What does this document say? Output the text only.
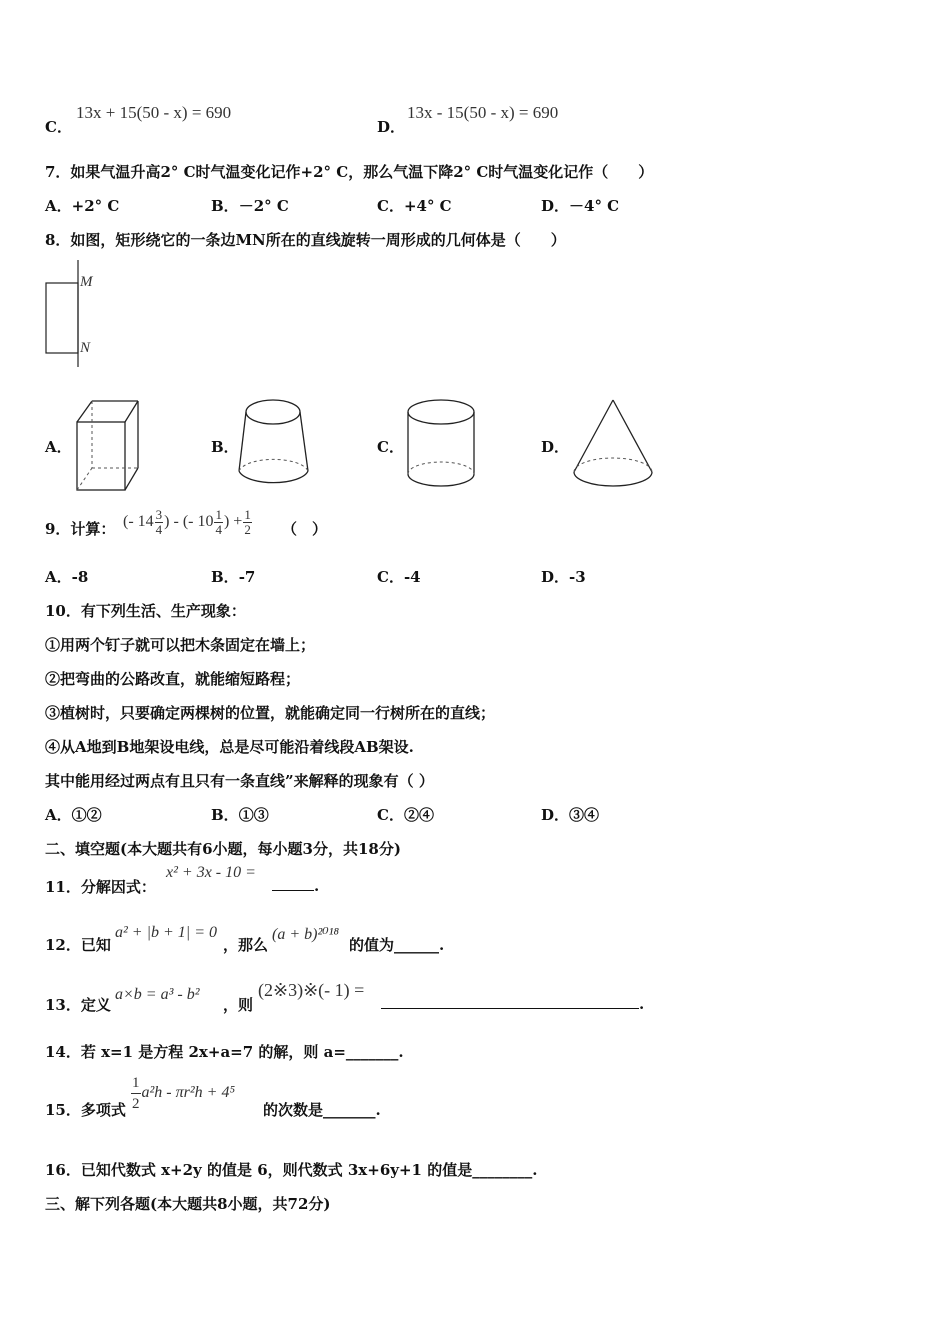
C．
13x + 15(50 - x) = 690
D．
13x - 15(50 - x) = 690
7．如果气温升高2° C时气温变化记作+2° C，那么气温下降2° C时气温变化记作（　　）
A．+2° C	B．－2° C	C．+4° C	D．－4° C
8．如图，矩形绕它的一条边MN所在的直线旋转一周形成的几何体是（　　）
M
N
A．	B．	C．	D．
9．计算： (- $14 \frac{3}{4}$ ) - (- $10 \frac{1}{4}$ ) + $\frac{1}{2}$ （　）
A．-8	B．-7	C．-4	D．-3
10．有下列生活、生产现象：
①用两个钉子就可以把木条固定在墙上；
②把弯曲的公路改直，就能缩短路程；
③植树时，只要确定两棵树的位置，就能确定同一行树所在的直线；
④从A地到B地架设电线，总是尽可能沿着线段AB架设.
其中能用经过两点有且只有一条直线”来解释的现象有（ ）
A．①②	B．①③	C．②④	D．③④
二、填空题(本大题共有6小题，每小题3分，共18分)
11．分解因式：
x² + 3x - 10 =
.
12．已知
a² + |b + 1| = 0
，那么
(a + b)²⁰¹⁸
的值为______.
13．定义
a×b = a³ - b²
，则
(2※3)※(- 1) =
.
14．若 x=1 是方程 2x+a=7 的解，则 a=_______.
15．多项式 $\frac{1}{2} a^2h - \pi r^2h + 4^5$
的次数是_______.
16．已知代数式 x+2y 的值是 6，则代数式 3x+6y+1 的值是________.
三、解下列各题(本大题共8小题，共72分)
